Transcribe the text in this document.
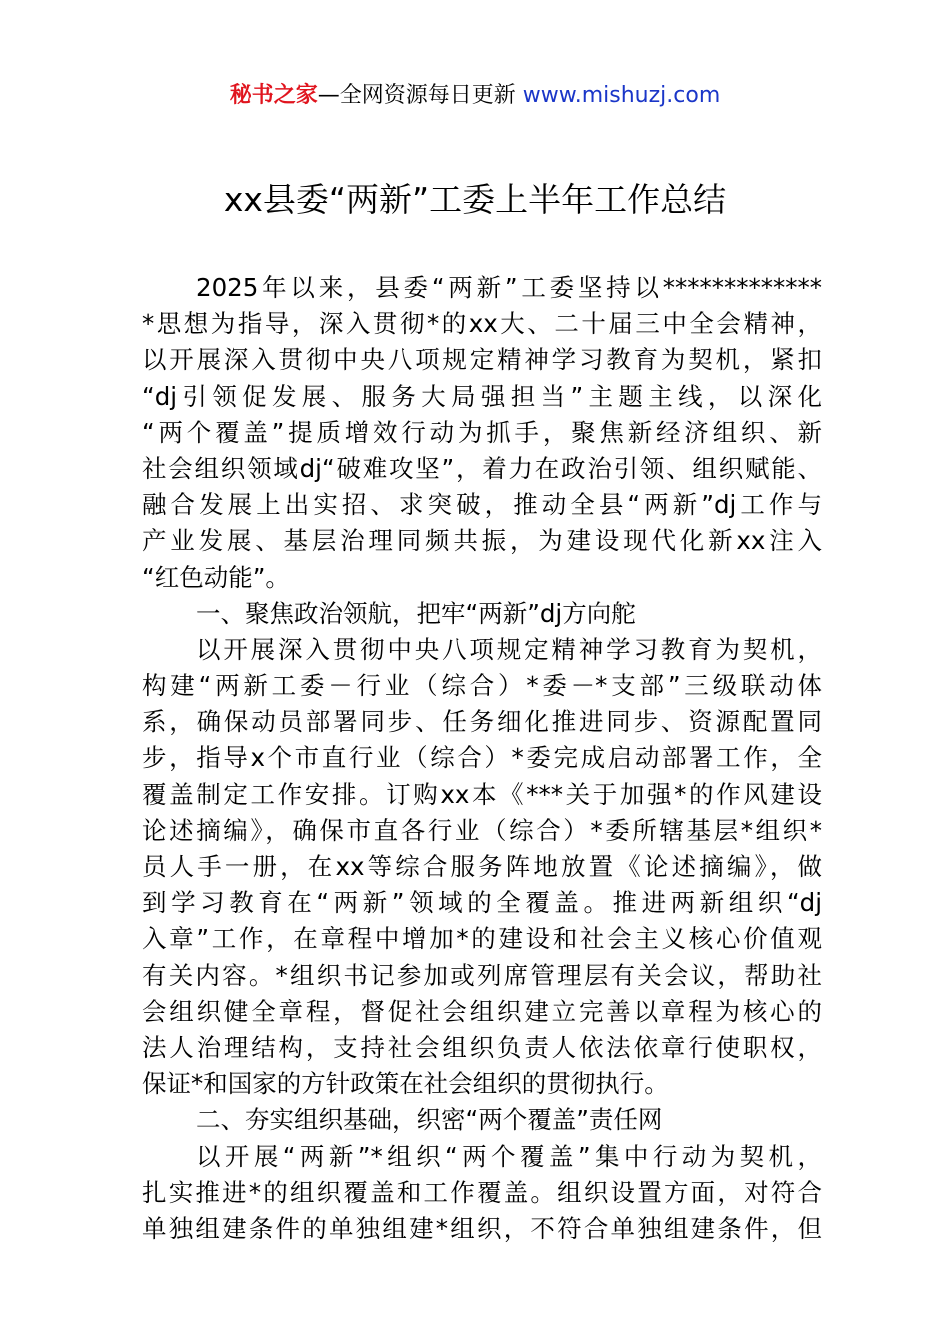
秘书之家—全网资源每日更新 www.mishuzj.com
xx县委“两新”工委上半年工作总结
2025年以来，县委“两新”工委坚持以*************
*思想为指导，深入贯彻*的xx大、二十届三中全会精神，
以开展深入贯彻中央八项规定精神学习教育为契机，紧扣
“dj引领促发展、服务大局强担当”主题主线，以深化
“两个覆盖”提质增效行动为抓手，聚焦新经济组织、新
社会组织领域dj“破难攻坚”，着力在政治引领、组织赋能、
融合发展上出实招、求突破，推动全县“两新”dj工作与
产业发展、基层治理同频共振，为建设现代化新xx注入
“红色动能”。
一、聚焦政治领航，把牢“两新”dj方向舵
以开展深入贯彻中央八项规定精神学习教育为契机，
构建“两新工委－行业（综合）*委－*支部”三级联动体
系，确保动员部署同步、任务细化推进同步、资源配置同
步，指导x个市直行业（综合）*委完成启动部署工作，全
覆盖制定工作安排。订购xx本《***关于加强*的作风建设
论述摘编》，确保市直各行业（综合）*委所辖基层*组织*
员人手一册，在xx等综合服务阵地放置《论述摘编》，做
到学习教育在“两新”领域的全覆盖。推进两新组织“dj
入章”工作，在章程中增加*的建设和社会主义核心价值观
有关内容。*组织书记参加或列席管理层有关会议，帮助社
会组织健全章程，督促社会组织建立完善以章程为核心的
法人治理结构，支持社会组织负责人依法依章行使职权，
保证*和国家的方针政策在社会组织的贯彻执行。
二、夯实组织基础，织密“两个覆盖”责任网
以开展“两新”*组织“两个覆盖”集中行动为契机，
扎实推进*的组织覆盖和工作覆盖。组织设置方面，对符合
单独组建条件的单独组建*组织，不符合单独组建条件，但
